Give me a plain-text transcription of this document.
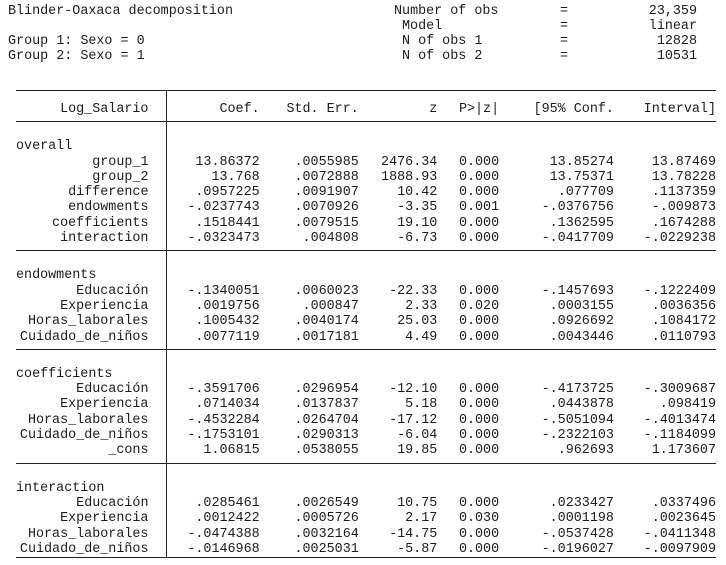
Blinder-Oaxaca decomposition	Number of obs	=	23,359
Model	=	linear
Group 1: Sexo = 0	N of obs 1	=	12828
Group 2: Sexo = 1	N of obs 2	=	10531
Log_Salario	Coef.	Std. Err.	z	P>|z|	[95% Conf.	Interval]
overall
group_1	13.86372	.0055985	2476.34	0.000	13.85274	13.87469
group_2	13.768	.0072888	1888.93	0.000	13.75371	13.78228
difference	.0957225	.0091907	10.42	0.000	.077709	.1137359
endowments	-.0237743	.0070926	-3.35	0.001	-.0376756	-.009873
coefficients	.1518441	.0079515	19.10	0.000	.1362595	.1674288
interaction	-.0323473	.004808	-6.73	0.000	-.0417709	-.0229238
endowments
Educación	-.1340051	.0060023	-22.33	0.000	-.1457693	-.1222409
Experiencia	.0019756	.000847	2.33	0.020	.0003155	.0036356
Horas_laborales	.1005432	.0040174	25.03	0.000	.0926692	.1084172
Cuidado_de_niños	.0077119	.0017181	4.49	0.000	.0043446	.0110793
coefficients
Educación	-.3591706	.0296954	-12.10	0.000	-.4173725	-.3009687
Experiencia	.0714034	.0137837	5.18	0.000	.0443878	.098419
Horas_laborales	-.4532284	.0264704	-17.12	0.000	-.5051094	-.4013474
Cuidado_de_niños	-.1753101	.0290313	-6.04	0.000	-.2322103	-.1184099
_cons	1.06815	.0538055	19.85	0.000	.962693	1.173607
interaction
Educación	.0285461	.0026549	10.75	0.000	.0233427	.0337496
Experiencia	.0012422	.0005726	2.17	0.030	.0001198	.0023645
Horas_laborales	-.0474388	.0032164	-14.75	0.000	-.0537428	-.0411348
Cuidado_de_niños	-.0146968	.0025031	-5.87	0.000	-.0196027	-.0097909
